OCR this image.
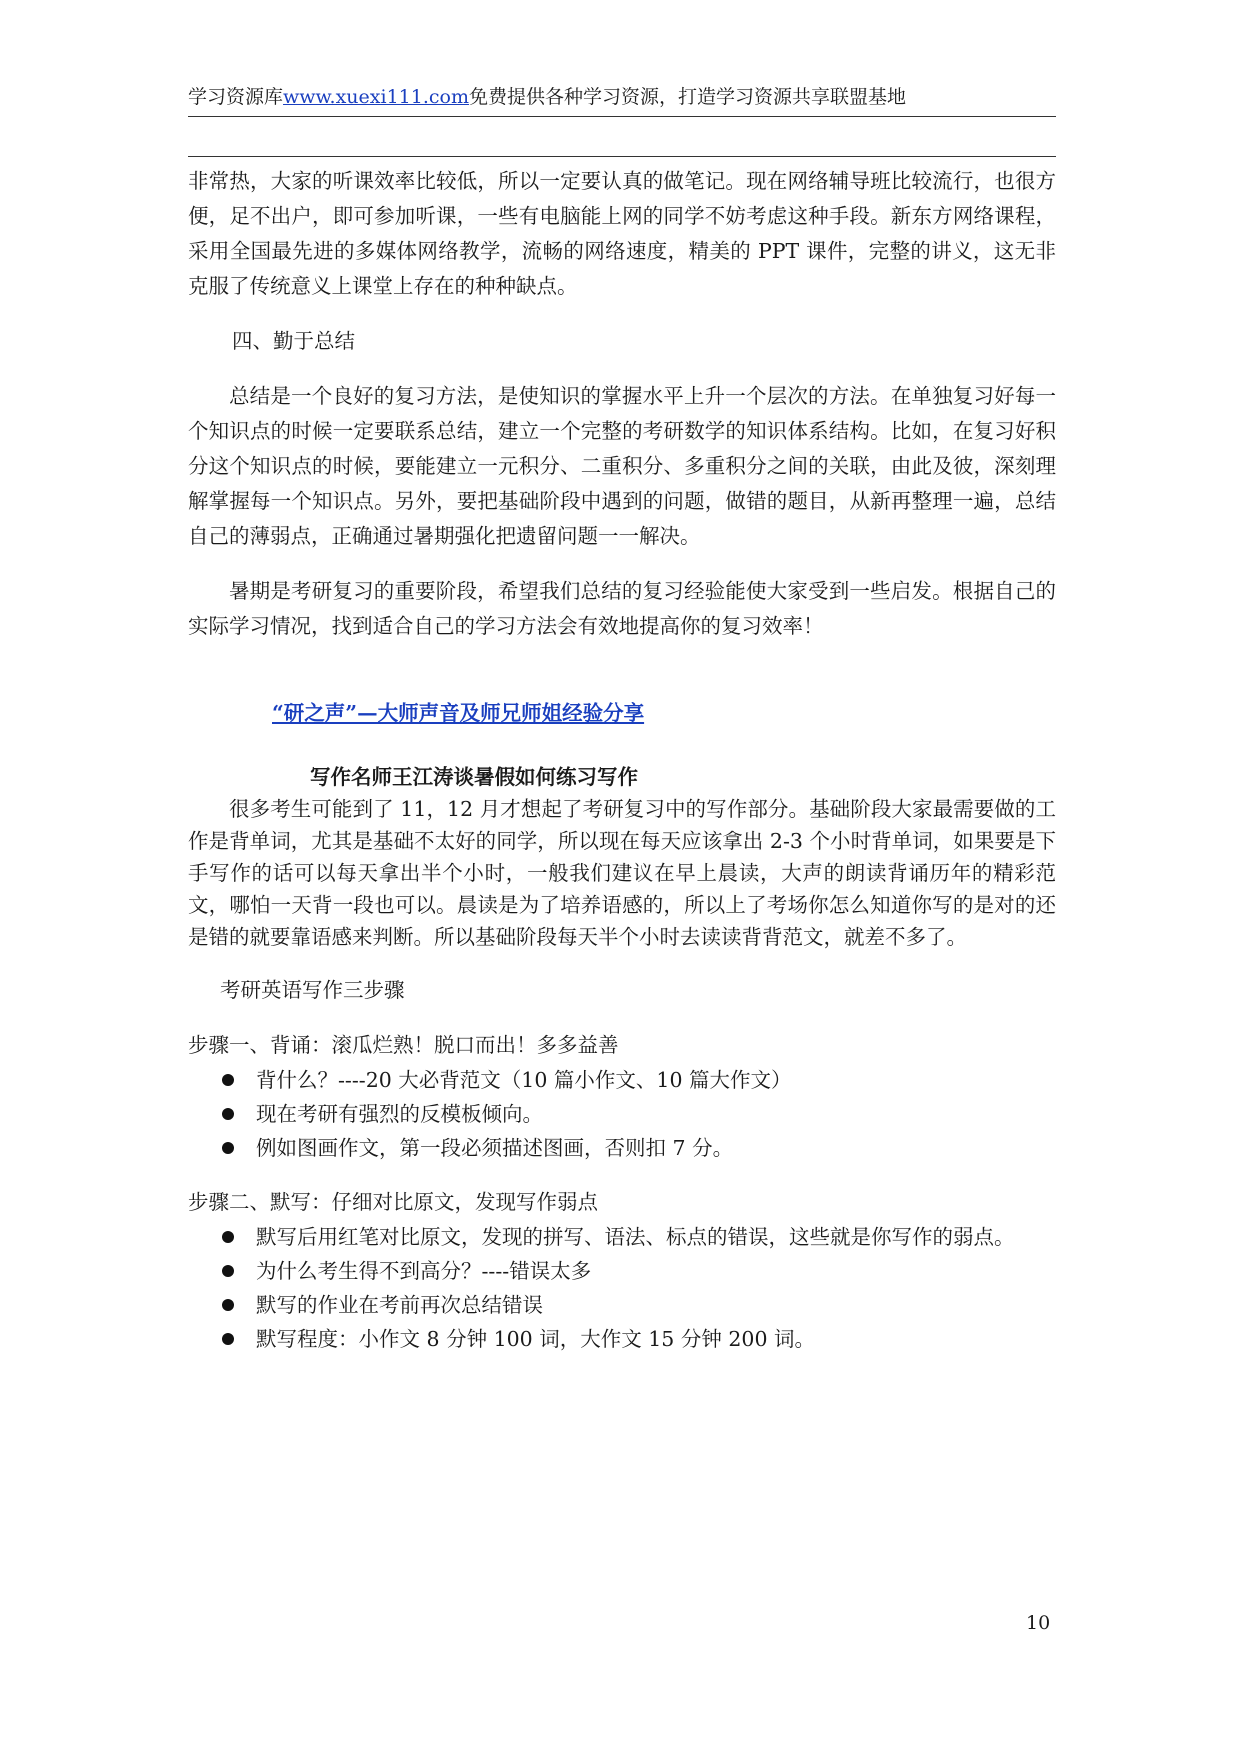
学习资源库www.xuexi111.com免费提供各种学习资源，打造学习资源共享联盟基地

非常热，大家的听课效率比较低，所以一定要认真的做笔记。现在网络辅导班比较流行，也很方便，足不出户，即可参加听课，一些有电脑能上网的同学不妨考虑这种手段。新东方网络课程，采用全国最先进的多媒体网络教学，流畅的网络速度，精美的 PPT 课件，完整的讲义，这无非克服了传统意义上课堂上存在的种种缺点。

四、勤于总结

总结是一个良好的复习方法，是使知识的掌握水平上升一个层次的方法。在单独复习好每一个知识点的时候一定要联系总结，建立一个完整的考研数学的知识体系结构。比如，在复习好积分这个知识点的时候，要能建立一元积分、二重积分、多重积分之间的关联，由此及彼，深刻理解掌握每一个知识点。另外，要把基础阶段中遇到的问题，做错的题目，从新再整理一遍，总结自己的薄弱点，正确通过暑期强化把遗留问题一一解决。

暑期是考研复习的重要阶段，希望我们总结的复习经验能使大家受到一些启发。根据自己的实际学习情况，找到适合自己的学习方法会有效地提高你的复习效率！

“研之声”—大师声音及师兄师姐经验分享

写作名师王江涛谈暑假如何练习写作

很多考生可能到了 11，12 月才想起了考研复习中的写作部分。基础阶段大家最需要做的工作是背单词，尤其是基础不太好的同学，所以现在每天应该拿出 2-3 个小时背单词，如果要是下手写作的话可以每天拿出半个小时，一般我们建议在早上晨读，大声的朗读背诵历年的精彩范文，哪怕一天背一段也可以。晨读是为了培养语感的，所以上了考场你怎么知道你写的是对的还是错的就要靠语感来判断。所以基础阶段每天半个小时去读读背背范文，就差不多了。

考研英语写作三步骤

步骤一、背诵：滚瓜烂熟！脱口而出！多多益善

背什么？----20 大必背范文（10 篇小作文、10 篇大作文）
现在考研有强烈的反模板倾向。
例如图画作文，第一段必须描述图画，否则扣 7 分。

步骤二、默写：仔细对比原文，发现写作弱点

默写后用红笔对比原文，发现的拼写、语法、标点的错误，这些就是你写作的弱点。
为什么考生得不到高分？----错误太多
默写的作业在考前再次总结错误
默写程度：小作文 8 分钟 100 词，大作文 15 分钟 200 词。
10
